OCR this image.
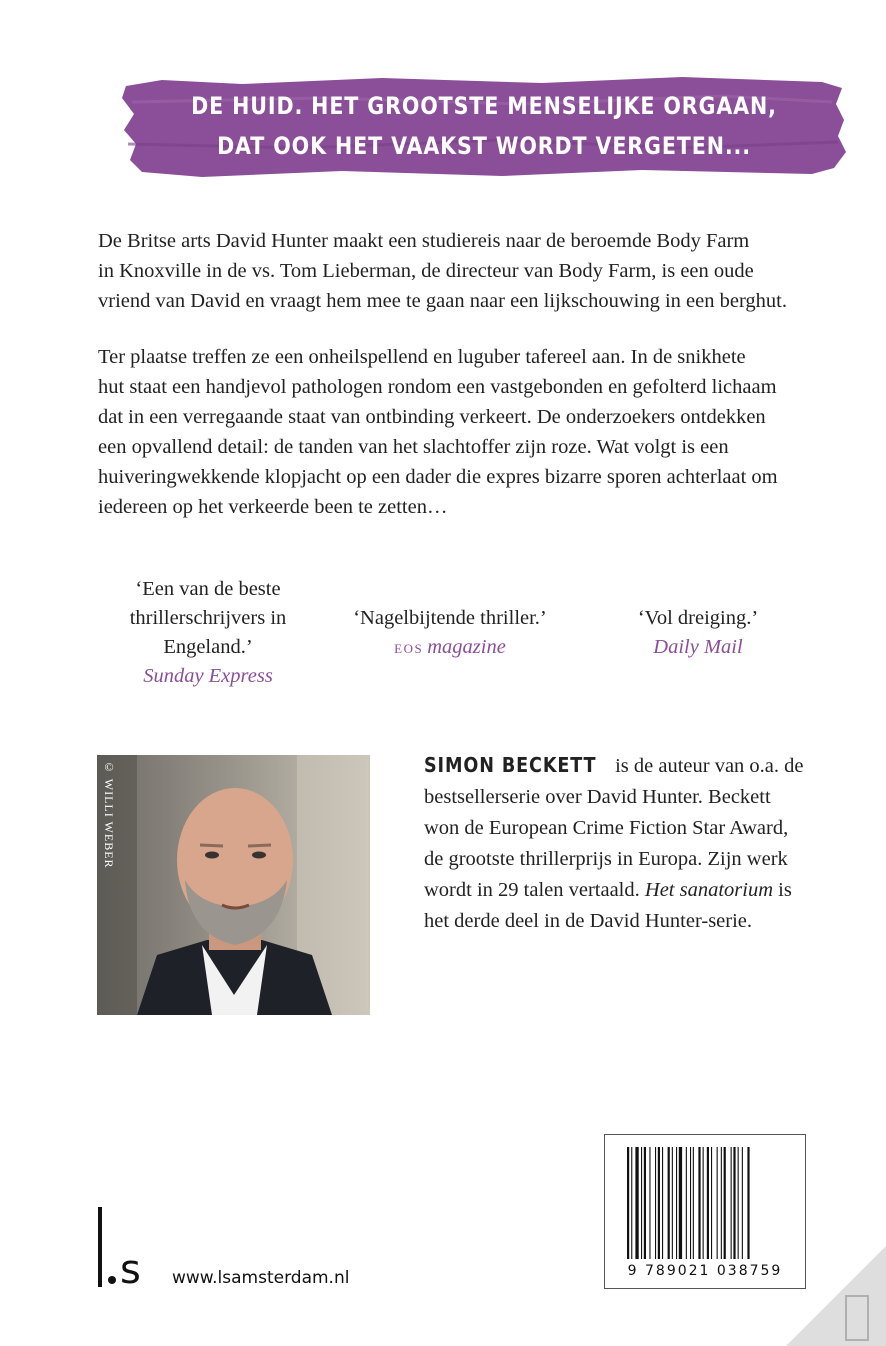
DE HUID. HET GROOTSTE MENSELIJKE ORGAAN,
DAT OOK HET VAAKST WORDT VERGETEN...
De Britse arts David Hunter maakt een studiereis naar de beroemde Body Farm
in Knoxville in de vs. Tom Lieberman, de directeur van Body Farm, is een oude
vriend van David en vraagt hem mee te gaan naar een lijkschouwing in een berghut.
Ter plaatse treffen ze een onheilspellend en luguber tafereel aan. In de snikhete
hut staat een handjevol pathologen rondom een vastgebonden en gefolterd lichaam
dat in een verregaande staat van ontbinding verkeert. De onderzoekers ontdekken
een opvallend detail: de tanden van het slachtoffer zijn roze. Wat volgt is een
huiveringwekkende klopjacht op een dader die expres bizarre sporen achterlaat om
iedereen op het verkeerde been te zetten…
‘Een van de beste
thrillerschrijvers in
Engeland.’
Sunday Express
‘Nagelbijtende thriller.’
EOS magazine
‘Vol dreiging.’
Daily Mail
© WILLI WEBER	SIMON BECKETT is de auteur van o.a. de
bestsellerserie over David Hunter. Beckett
won de European Crime Fiction Star Award,
de grootste thrillerprijs in Europa. Zijn werk
wordt in 29 talen vertaald. Het sanatorium is
het derde deel in de David Hunter-serie.
9 789021 038759
s www.lsamsterdam.nl
